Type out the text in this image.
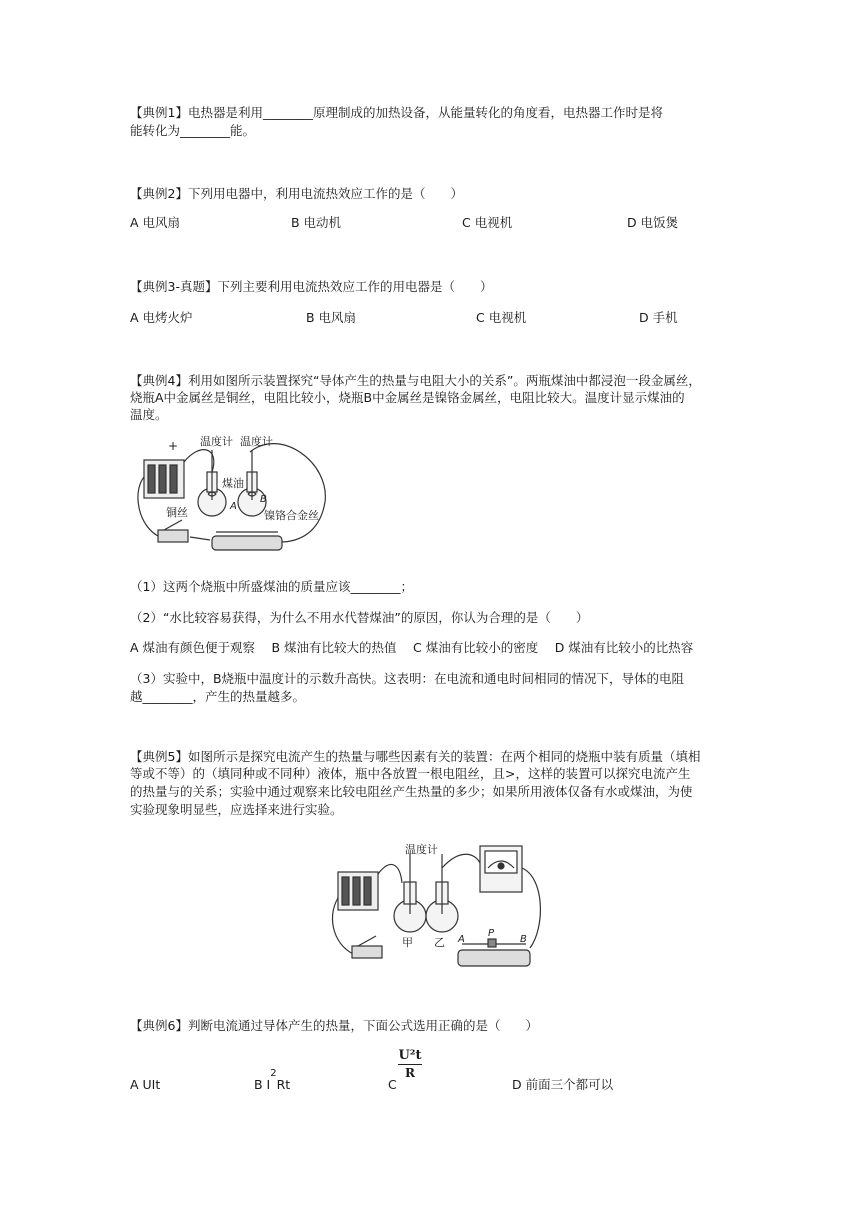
【典例1】电热器是利用________原理制成的加热设备，从能量转化的角度看，电热器工作时是将
能转化为________能。
【典例2】下列用电器中，利用电流热效应工作的是（　　）
A 电风扇	B 电动机	C 电视机	D 电饭煲
【典例3-真题】下列主要利用电流热效应工作的用电器是（　　）
A 电烤火炉	B 电风扇	C 电视机	D 手机
【典例4】利用如图所示装置探究“导体产生的热量与电阻大小的关系”。两瓶煤油中都浸泡一段金属丝，
烧瓶A中金属丝是铜丝，电阻比较小，烧瓶B中金属丝是镍铬金属丝，电阻比较大。温度计显示煤油的
温度。
+ 温度计 温度计
煤油
A
B
铜丝	镍铬合金丝
（1）这两个烧瓶中所盛煤油的质量应该________；
（2）“水比较容易获得，为什么不用水代替煤油”的原因，你认为合理的是（　　）
A 煤油有颜色便于观察　 B 煤油有比较大的热值　 C 煤油有比较小的密度　 D 煤油有比较小的比热容
（3）实验中，B烧瓶中温度计的示数升高快。这表明：在电流和通电时间相同的情况下，导体的电阻
越________，产生的热量越多。
【典例5】如图所示是探究电流产生的热量与哪些因素有关的装置：在两个相同的烧瓶中装有质量（填相
等或不等）的（填同种或不同种）液体，瓶中各放置一根电阻丝，且>，这样的装置可以探究电流产生
的热量与的关系；实验中通过观察来比较电阻丝产生热量的多少；如果所用液体仅备有水或煤油，为使
实验现象明显些，应选择来进行实验。
温度计
甲 乙 A
P
B
【典例6】判断电流通过导体产生的热量，下面公式选用正确的是（　　）
A UIt	B $I^2Rt$	C
U²t
R
D 前面三个都可以
